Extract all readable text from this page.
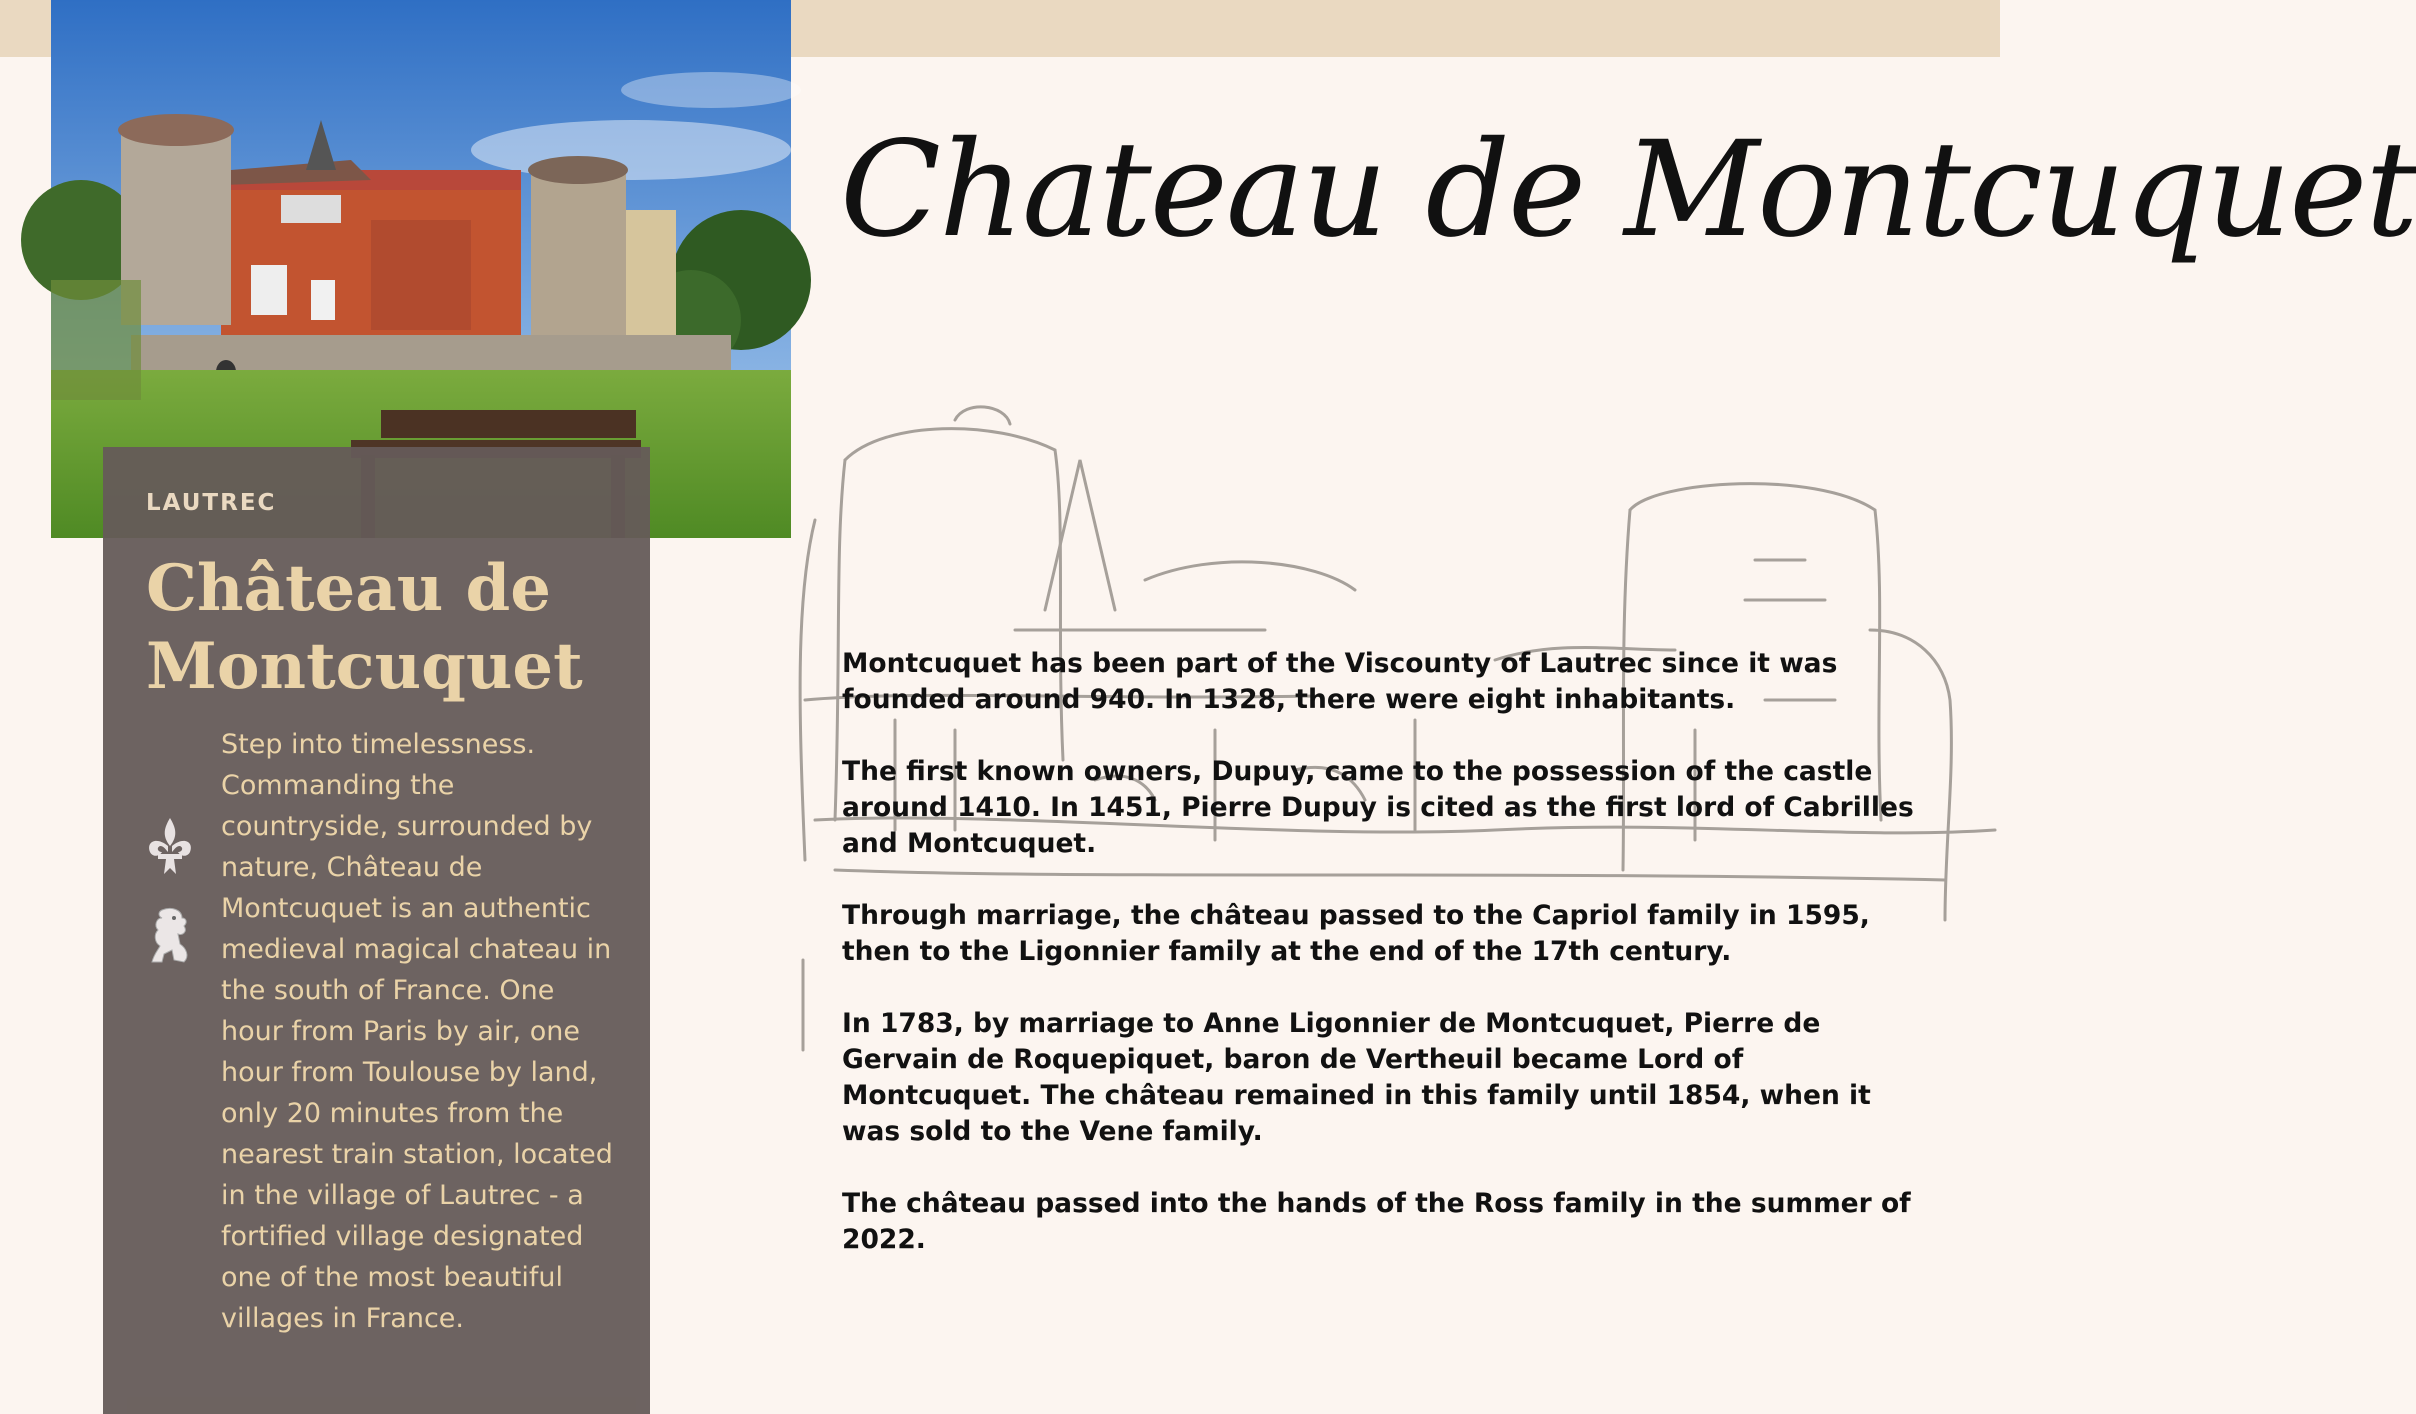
LAUTREC
Château de
Montcuquet

Step into timelessness. Commanding the countryside, surrounded by nature, Château de Montcuquet is an authentic medieval magical chateau in the south of France. One hour from Paris by air, one hour from Toulouse by land, only 20 minutes from the nearest train station, located in the village of Lautrec - a fortified village designated one of the most beautiful villages in France.

Chateau de Montcuquet

Montcuquet has been part of the Viscounty of Lautrec since it was founded around 940. In 1328, there were eight inhabitants.

The first known owners, Dupuy, came to the possession of the castle around 1410. In 1451, Pierre Dupuy is cited as the first lord of Cabrilles and Montcuquet.

Through marriage, the château passed to the Capriol family in 1595, then to the Ligonnier family at the end of the 17th century.

In 1783, by marriage to Anne Ligonnier de Montcuquet, Pierre de Gervain de Roquepiquet, baron de Vertheuil became Lord of Montcuquet. The château remained in this family until 1854, when it was sold to the Vene family.

The château passed into the hands of the Ross family in the summer of 2022.
